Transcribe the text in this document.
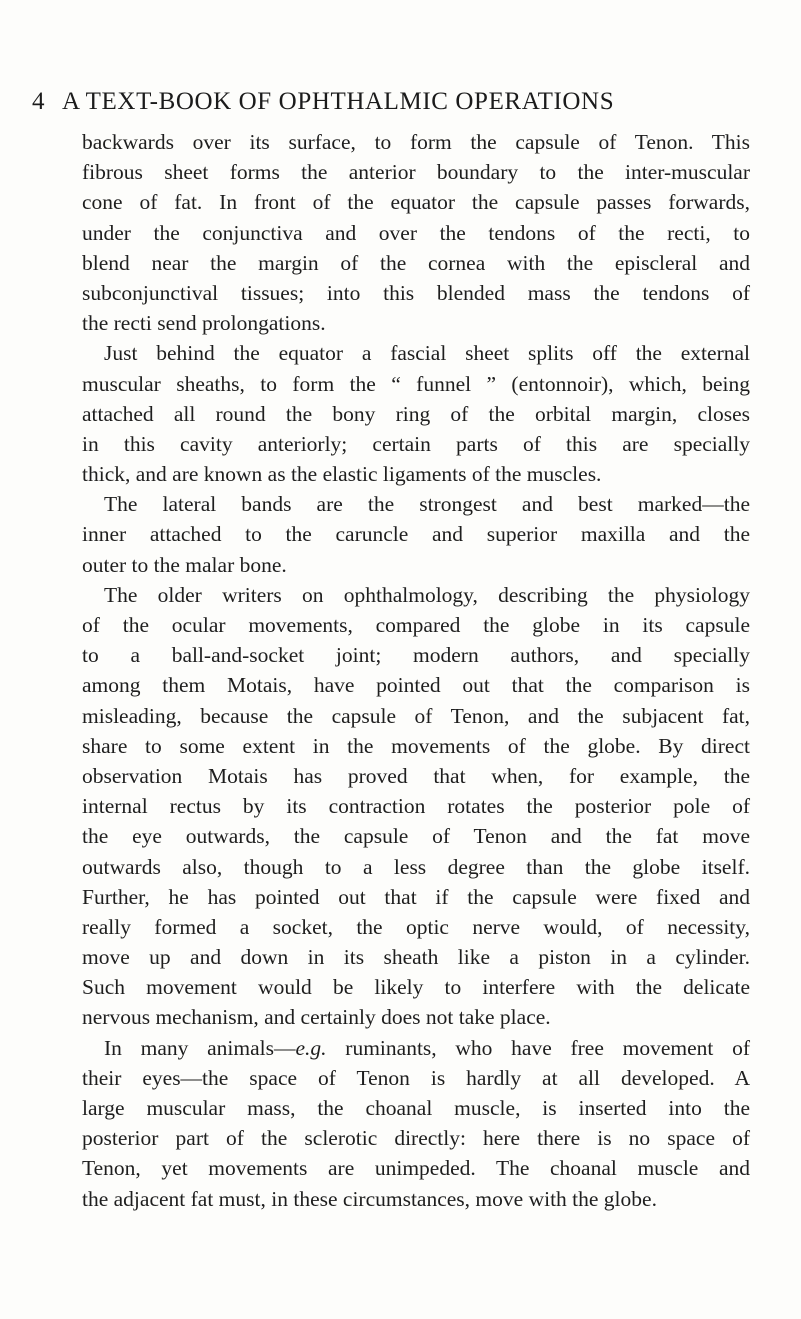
4 A TEXT-BOOK OF OPHTHALMIC OPERATIONS
backwards over its surface, to form the capsule of Tenon. This
fibrous sheet forms the anterior boundary to the inter-muscular
cone of fat. In front of the equator the capsule passes forwards,
under the conjunctiva and over the tendons of the recti, to
blend near the margin of the cornea with the episcleral and
subconjunctival tissues; into this blended mass the tendons of
the recti send prolongations.
Just behind the equator a fascial sheet splits off the external
muscular sheaths, to form the “ funnel ” (entonnoir), which, being
attached all round the bony ring of the orbital margin, closes
in this cavity anteriorly; certain parts of this are specially
thick, and are known as the elastic ligaments of the muscles.
The lateral bands are the strongest and best marked—the
inner attached to the caruncle and superior maxilla and the
outer to the malar bone.
The older writers on ophthalmology, describing the physiology
of the ocular movements, compared the globe in its capsule
to a ball-and-socket joint; modern authors, and specially
among them Motais, have pointed out that the comparison is
misleading, because the capsule of Tenon, and the subjacent fat,
share to some extent in the movements of the globe. By direct
observation Motais has proved that when, for example, the
internal rectus by its contraction rotates the posterior pole of
the eye outwards, the capsule of Tenon and the fat move
outwards also, though to a less degree than the globe itself.
Further, he has pointed out that if the capsule were fixed and
really formed a socket, the optic nerve would, of necessity,
move up and down in its sheath like a piston in a cylinder.
Such movement would be likely to interfere with the delicate
nervous mechanism, and certainly does not take place.
In many animals—e.g. ruminants, who have free movement of
their eyes—the space of Tenon is hardly at all developed. A
large muscular mass, the choanal muscle, is inserted into the
posterior part of the sclerotic directly: here there is no space of
Tenon, yet movements are unimpeded. The choanal muscle and
the adjacent fat must, in these circumstances, move with the globe.
